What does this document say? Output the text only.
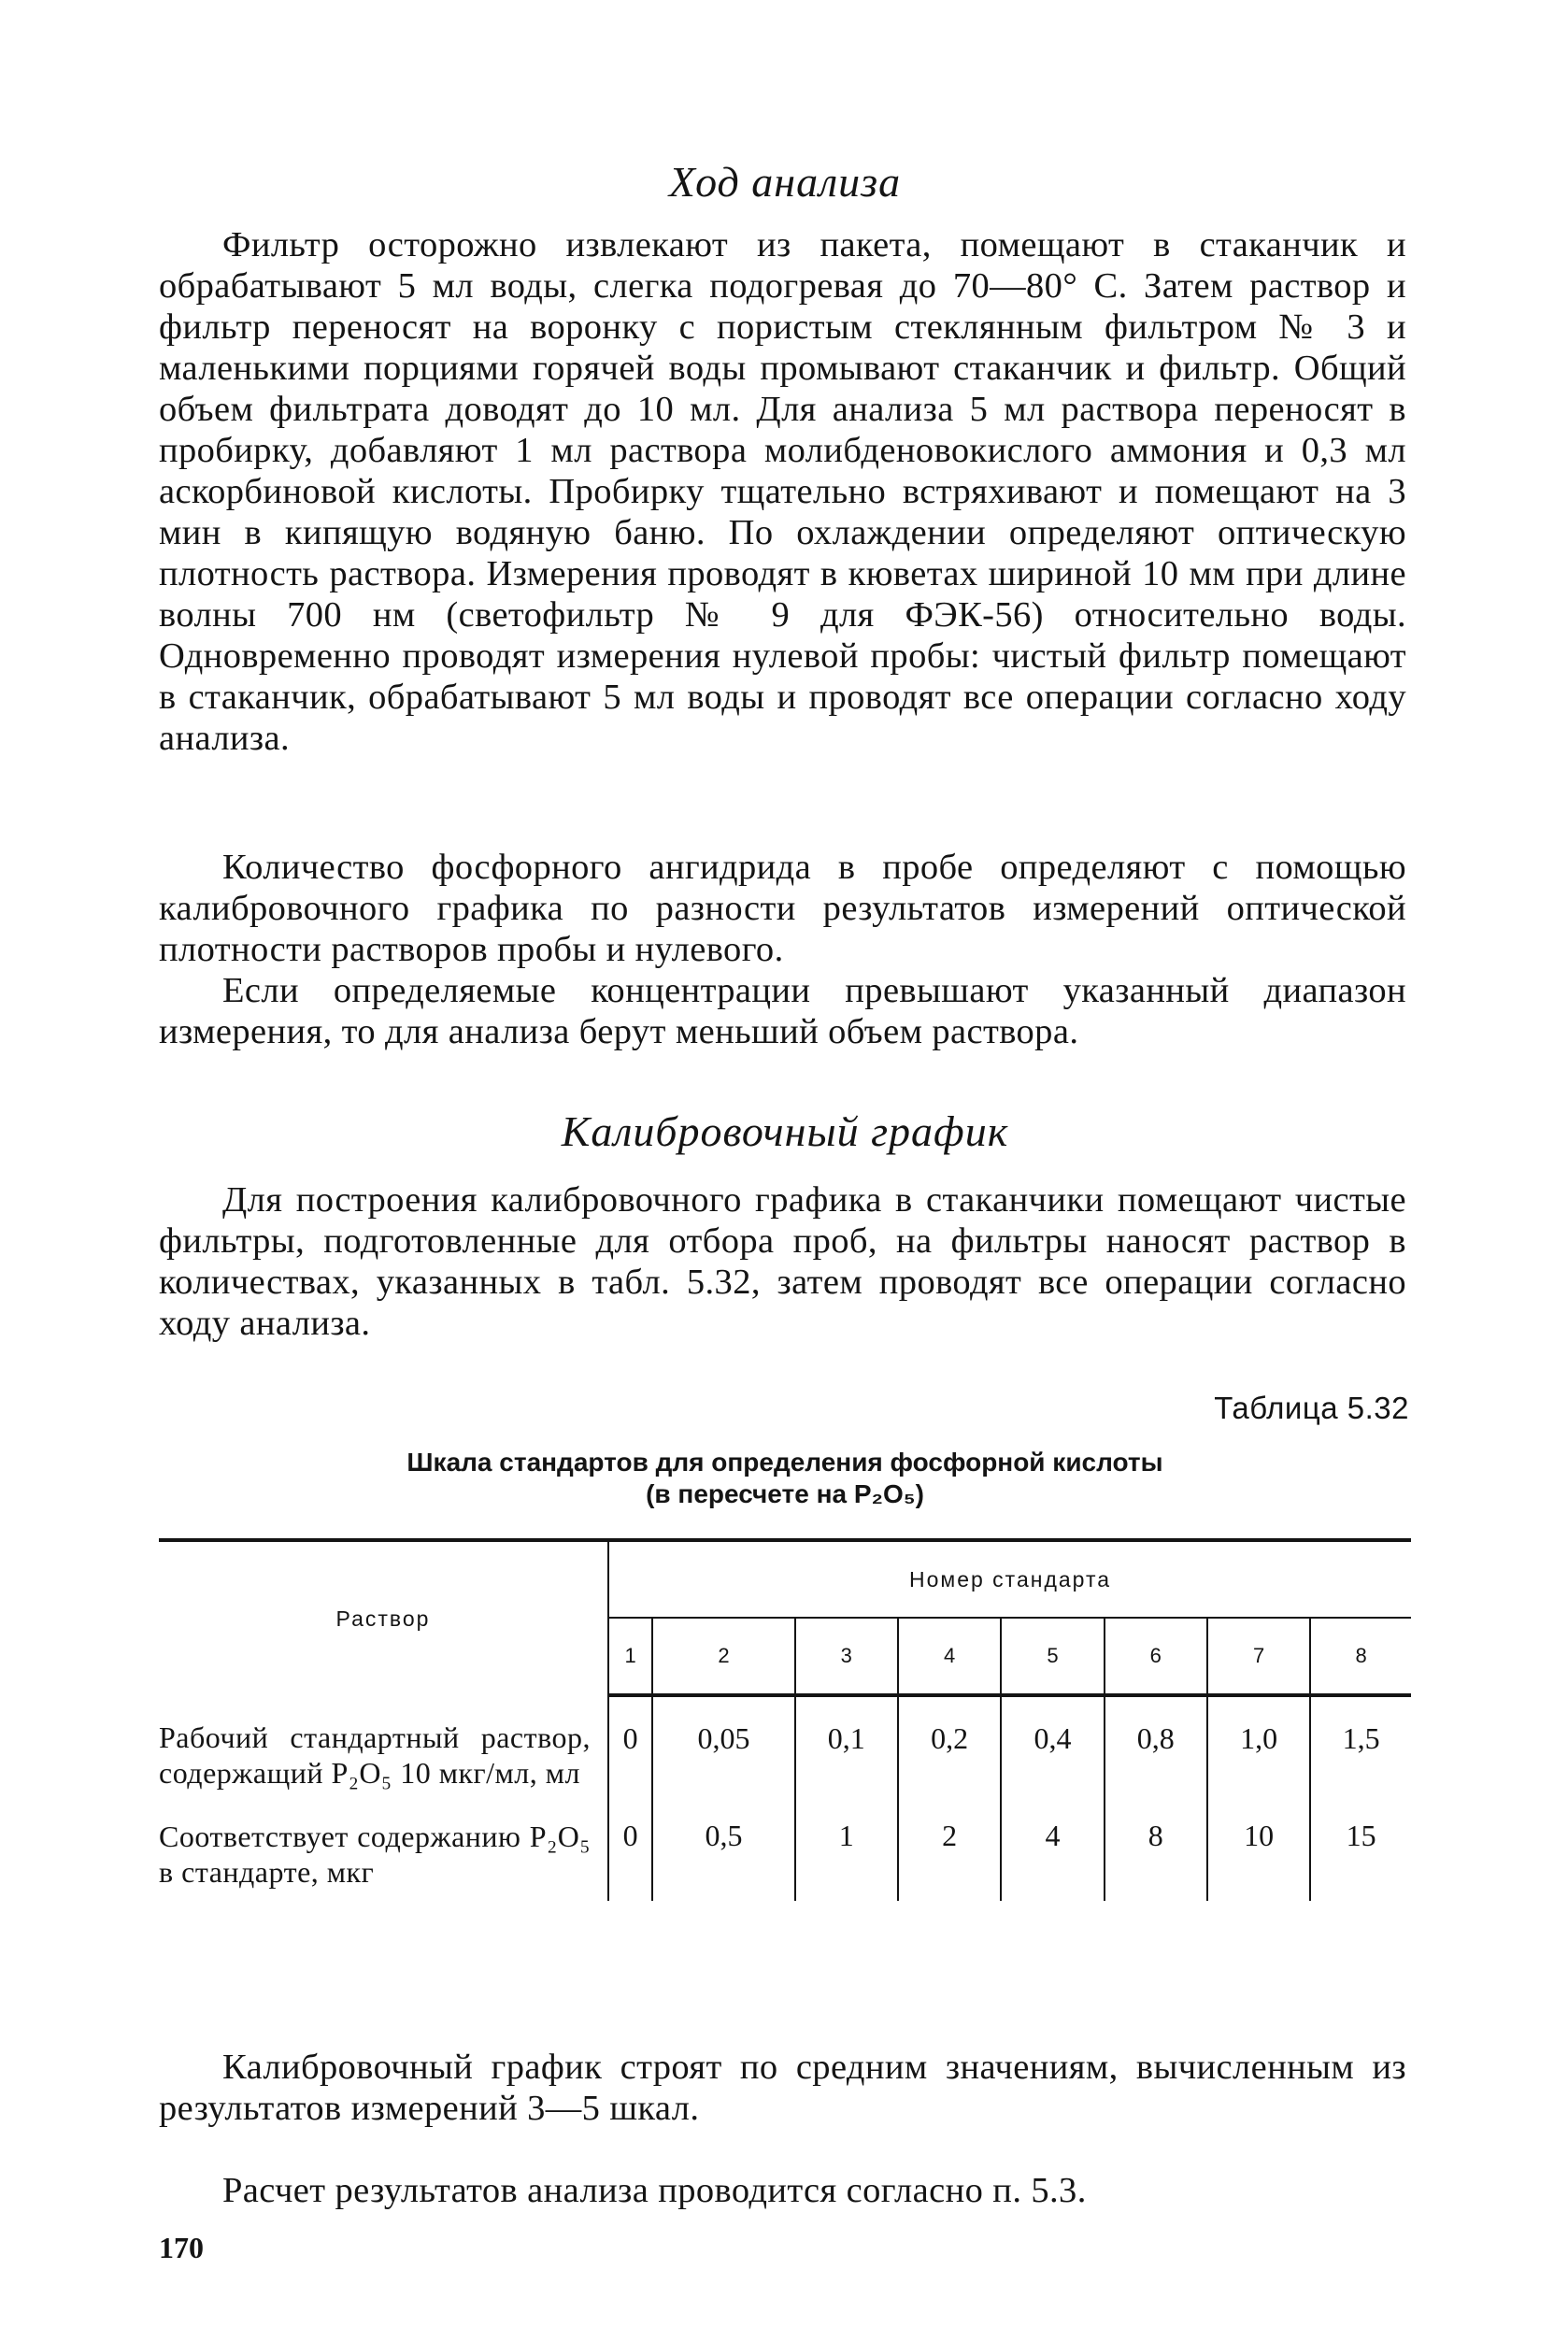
Ход анализа
Фильтр осторожно извлекают из пакета, помещают в стаканчик и обрабатывают 5 мл воды, слегка подогревая до 70—80° С. Затем раствор и фильтр переносят на воронку с пористым стеклянным фильтром № 3 и маленькими порциями горячей воды промывают стаканчик и фильтр. Общий объем фильтрата доводят до 10 мл. Для анализа 5 мл раствора переносят в пробирку, добавляют 1 мл раствора молибденовокислого аммония и 0,3 мл аскорбиновой кислоты. Пробирку тщательно встряхивают и помещают на 3 мин в кипящую водяную баню. По охлаждении определяют оптическую плотность раствора. Измерения проводят в кюветах шириной 10 мм при длине волны 700 нм (светофильтр № 9 для ФЭК-56) относительно воды. Одновременно проводят измерения нулевой пробы: чистый фильтр помещают в стаканчик, обрабатывают 5 мл воды и проводят все операции согласно ходу анализа.
Количество фосфорного ангидрида в пробе определяют с помощью калибровочного графика по разности результатов измерений оптической плотности растворов пробы и нулевого.
Если определяемые концентрации превышают указанный диапазон измерения, то для анализа берут меньший объем раствора.
Калибровочный график
Для построения калибровочного графика в стаканчики помещают чистые фильтры, подготовленные для отбора проб, на фильтры наносят раствор в количествах, указанных в табл. 5.32, затем проводят все операции согласно ходу анализа.
Таблица 5.32
Шкала стандартов для определения фосфорной кислоты
(в пересчете на P₂O₅)
Раствор	Номер стандарта							
	1	2	3	4	5	6	7	8
Рабочий стандартный раствор, содержащий P₂O₅ 10 мкг/мл, мл	0	0,05	0,1	0,2	0,4	0,8	1,0	1,5
Соответствует содержанию P₂O₅ в стандарте, мкг	0	0,5	1	2	4	8	10	15
Калибровочный график строят по средним значениям, вычисленным из результатов измерений 3—5 шкал.
Расчет результатов анализа проводится согласно п. 5.3.
170
